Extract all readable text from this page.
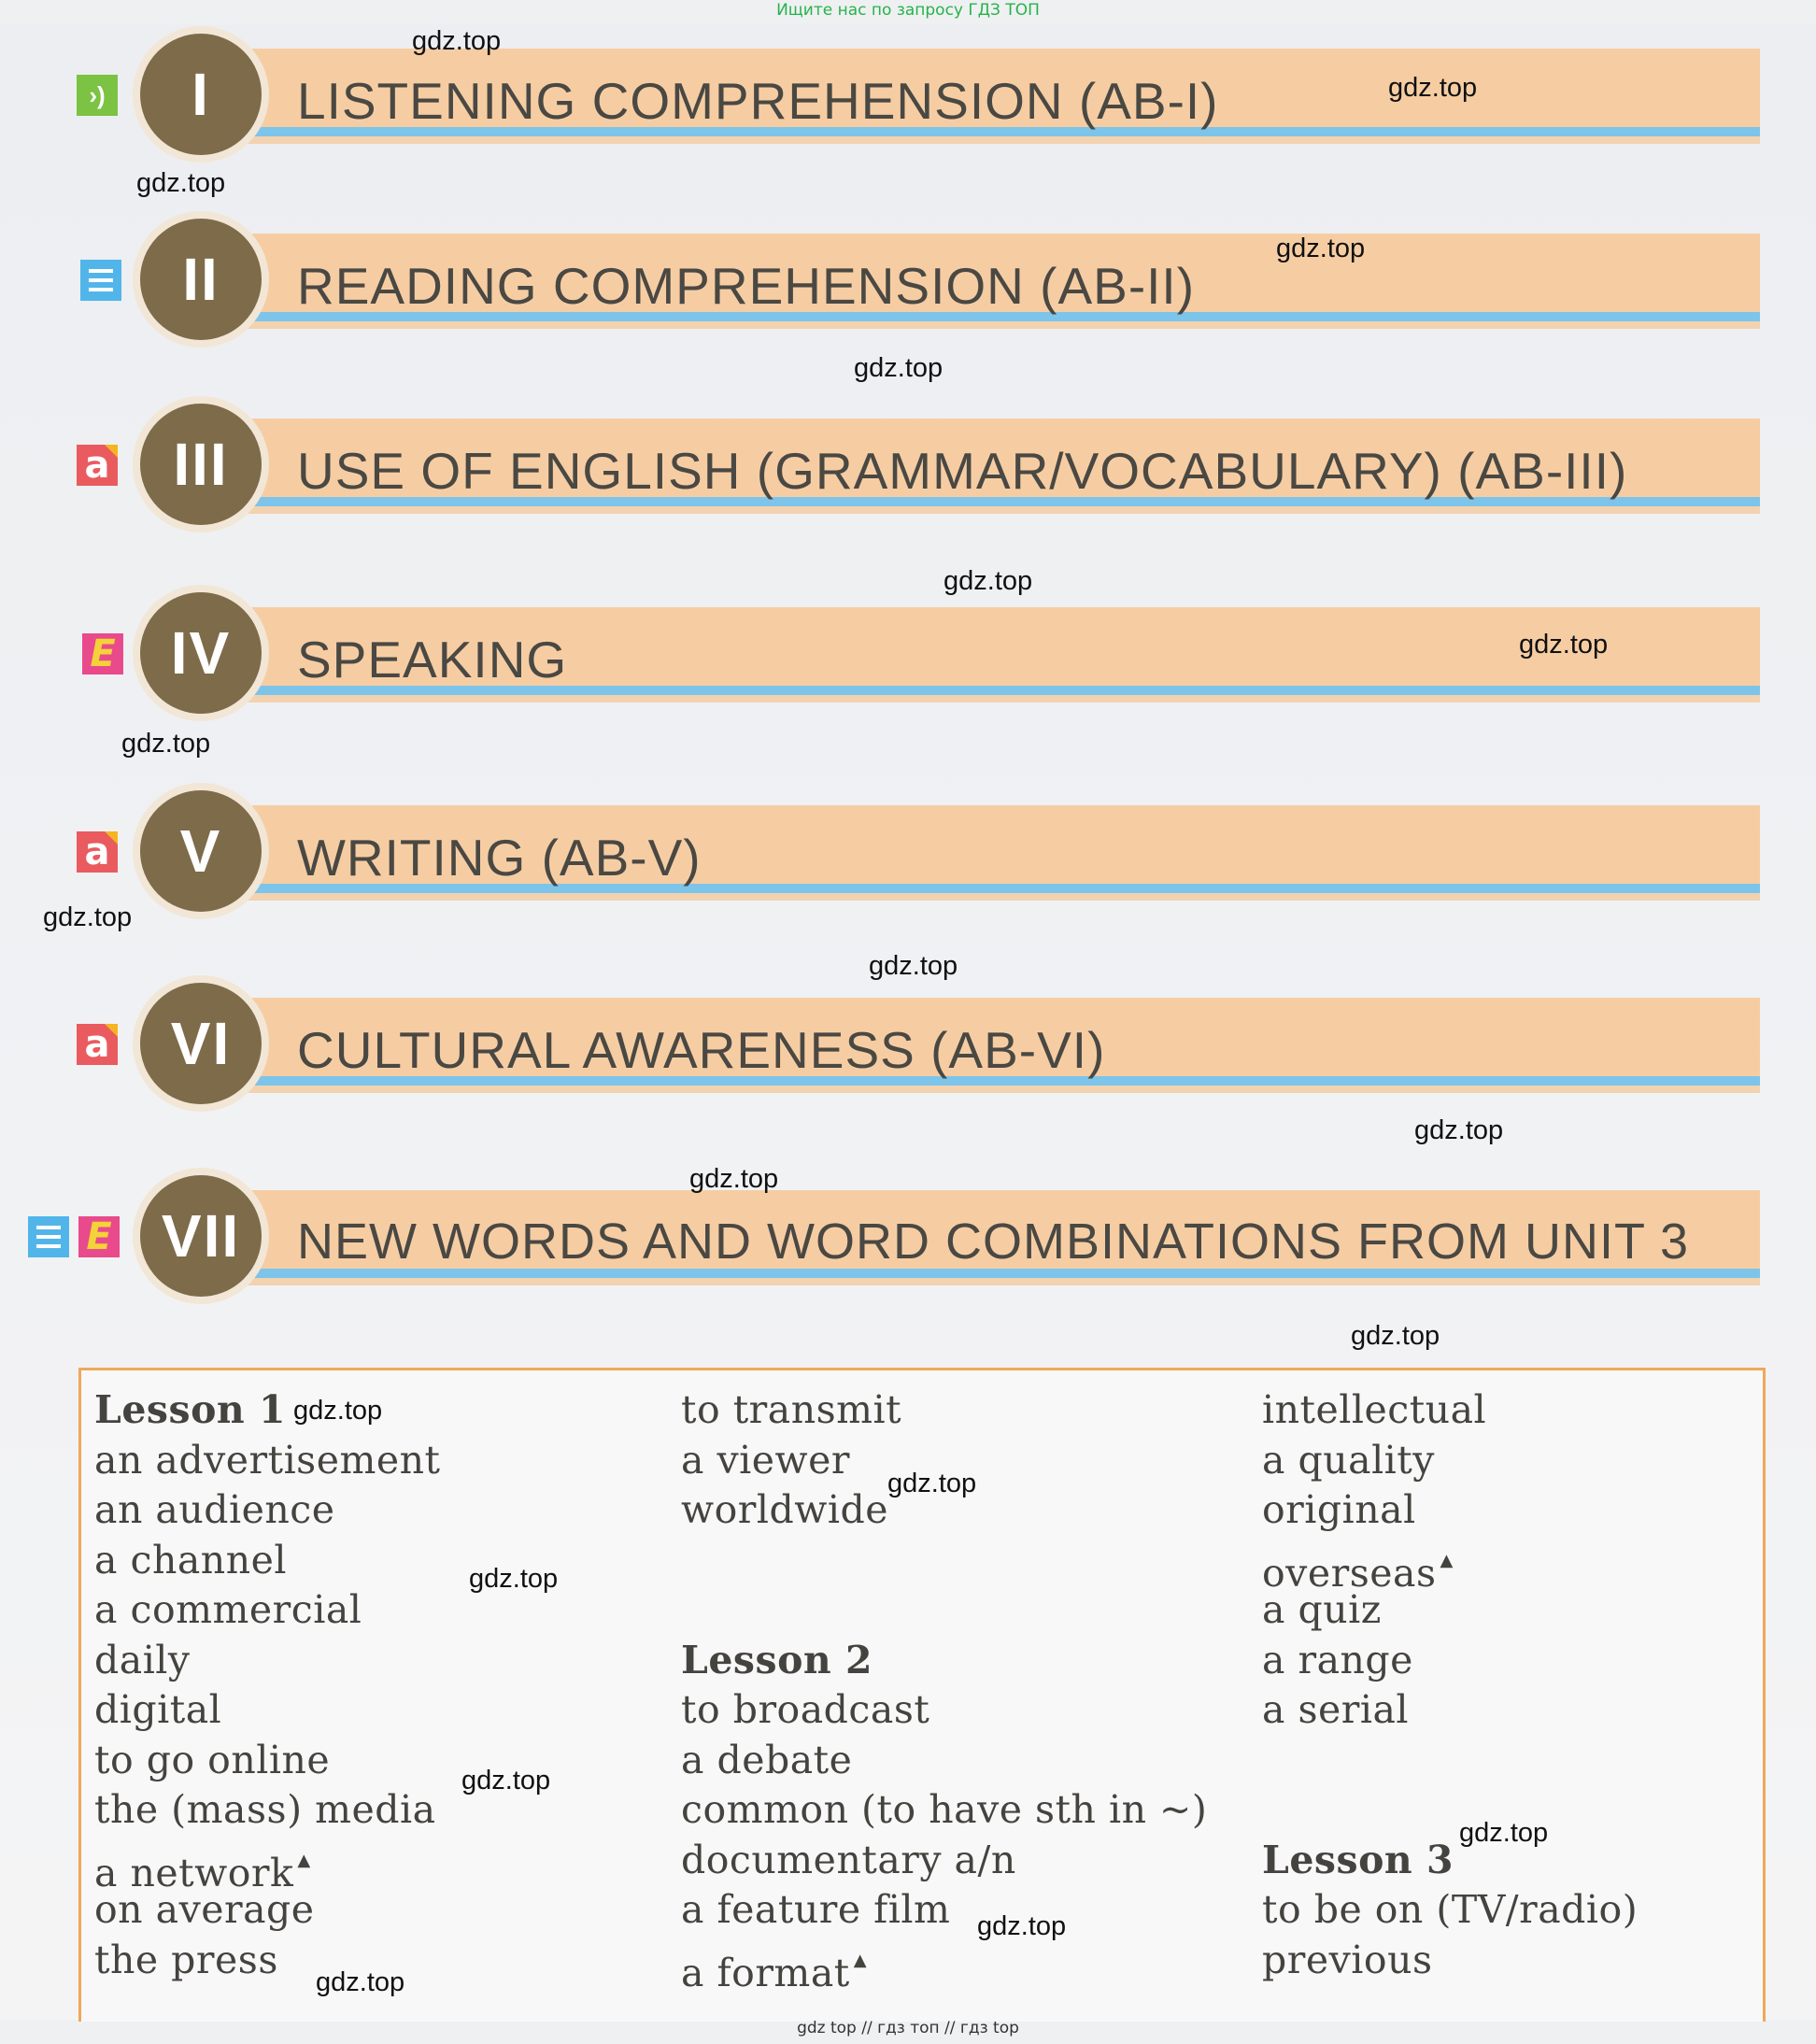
Ищите нас по запросу ГДЗ ТОП
›)	I	LISTENING COMPREHENSION (AB-I)
II	READING COMPREHENSION (AB-II)
a	III	USE OF ENGLISH (GRAMMAR/VOCABULARY) (AB-III)
E IV	SPEAKING
a	V	WRITING (AB-V)
a	VI	CULTURAL AWARENESS (AB-VI)
E VII	NEW WORDS AND WORD COMBINATIONS FROM UNIT 3
Lesson 1
an advertisement
an audience
a channel
a commercial
daily
digital
to go online
the (mass) media
a network ▲
on average
the press
to transmit
a viewer
worldwide
Lesson 2
to broadcast
a debate
common (to have sth in ~)
documentary a/n
a feature film
a format ▲
intellectual
a quality
original
overseas ▲
a quiz
a range
a serial
Lesson 3
to be on (TV/radio)
previous
gdz.top
gdz.top
gdz.top
gdz.top
gdz.top
gdz.top
gdz.top
gdz.top
gdz.top
gdz.top
gdz.top
gdz.top
gdz.top
gdz.top
gdz.top
gdz.top
gdz.top
gdz.top
gdz.top
gdz.top
gdz top // гдз топ // гдз top
